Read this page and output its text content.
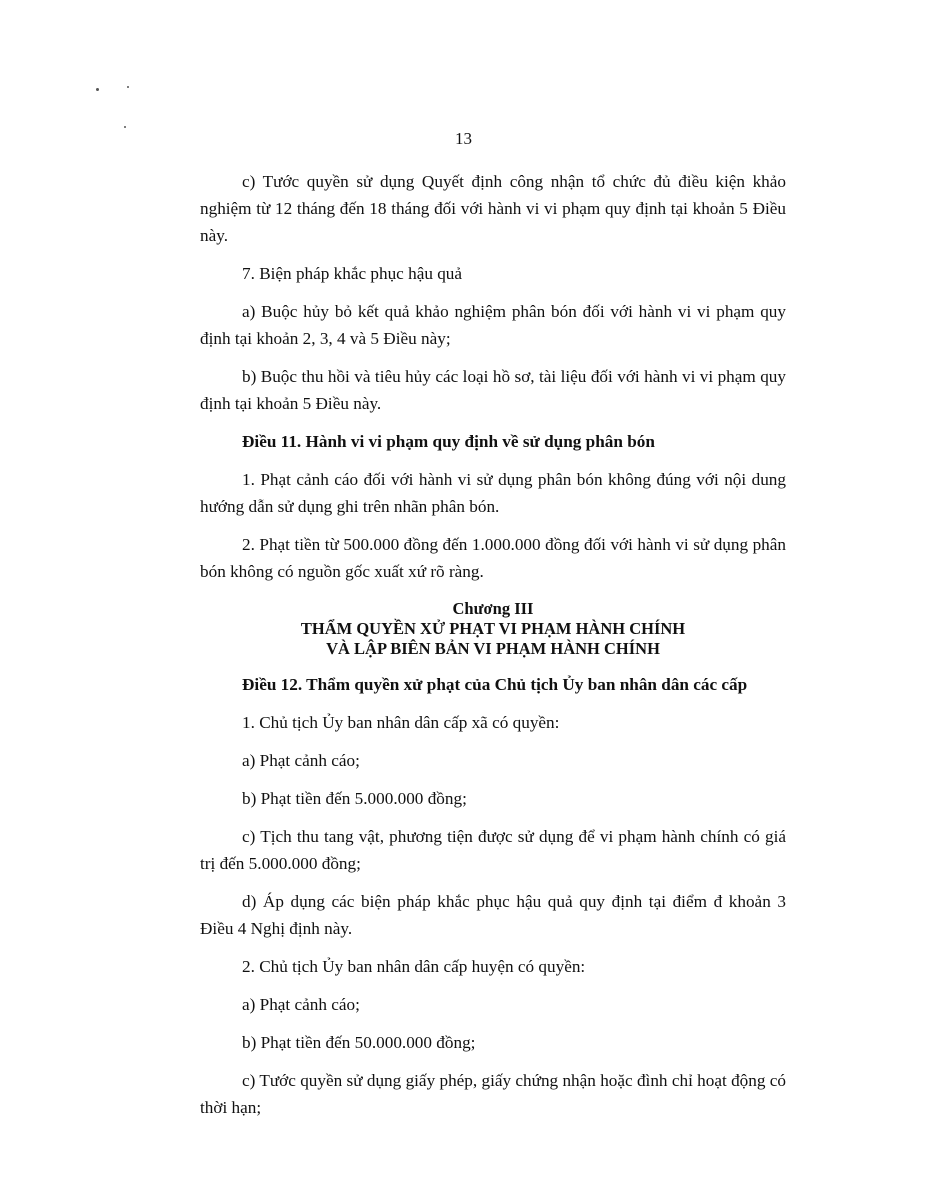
13

c) Tước quyền sử dụng Quyết định công nhận tổ chức đủ điều kiện khảo nghiệm từ 12 tháng đến 18 tháng đối với hành vi vi phạm quy định tại khoản 5 Điều này.

7. Biện pháp khắc phục hậu quả

a) Buộc hủy bỏ kết quả khảo nghiệm phân bón đối với hành vi vi phạm quy định tại khoản 2, 3, 4 và 5 Điều này;

b) Buộc thu hồi và tiêu hủy các loại hồ sơ, tài liệu đối với hành vi vi phạm quy định tại khoản 5 Điều này.

Điều 11. Hành vi vi phạm quy định về sử dụng phân bón

1. Phạt cảnh cáo đối với hành vi sử dụng phân bón không đúng với nội dung hướng dẫn sử dụng ghi trên nhãn phân bón.

2. Phạt tiền từ 500.000 đồng đến 1.000.000 đồng đối với hành vi sử dụng phân bón không có nguồn gốc xuất xứ rõ ràng.

Chương III
THẨM QUYỀN XỬ PHẠT VI PHẠM HÀNH CHÍNH
VÀ LẬP BIÊN BẢN VI PHẠM HÀNH CHÍNH

Điều 12. Thẩm quyền xử phạt của Chủ tịch Ủy ban nhân dân các cấp

1. Chủ tịch Ủy ban nhân dân cấp xã có quyền:

a) Phạt cảnh cáo;

b) Phạt tiền đến 5.000.000 đồng;

c) Tịch thu tang vật, phương tiện được sử dụng để vi phạm hành chính có giá trị đến 5.000.000 đồng;

d) Áp dụng các biện pháp khắc phục hậu quả quy định tại điểm đ khoản 3 Điều 4 Nghị định này.

2. Chủ tịch Ủy ban nhân dân cấp huyện có quyền:

a) Phạt cảnh cáo;

b) Phạt tiền đến 50.000.000 đồng;

c) Tước quyền sử dụng giấy phép, giấy chứng nhận hoặc đình chỉ hoạt động có thời hạn;
